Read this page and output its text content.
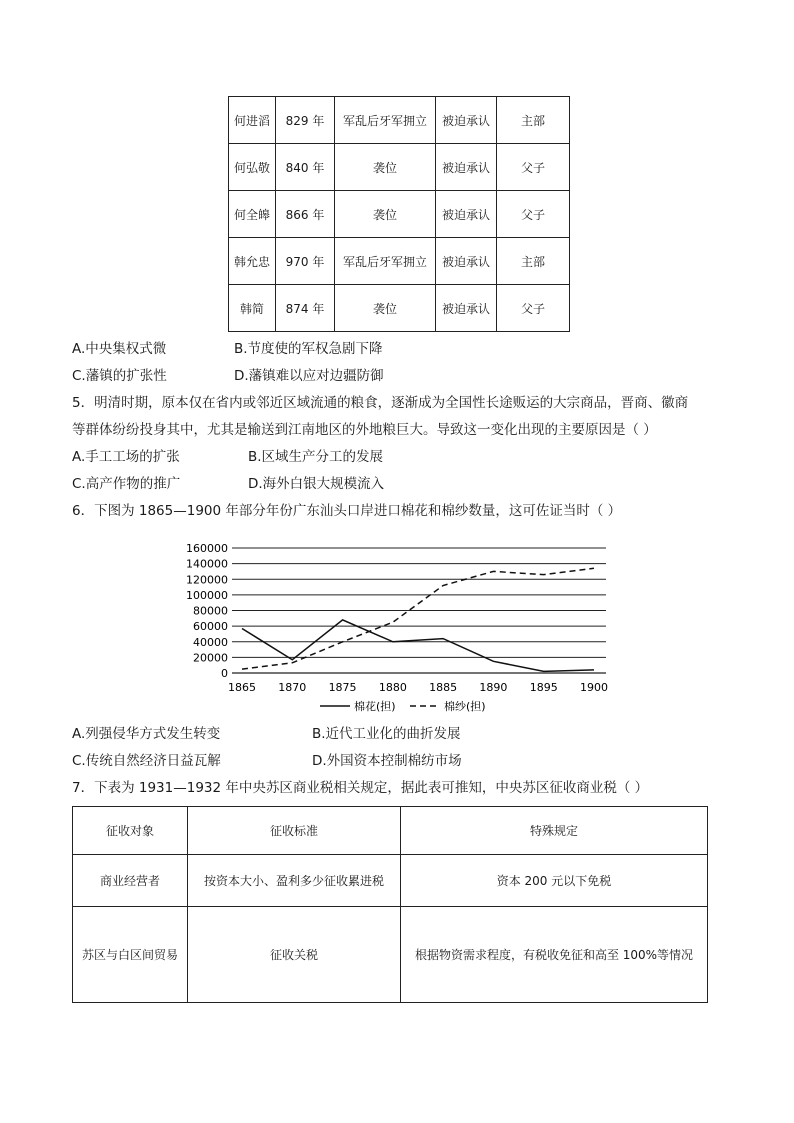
何进滔	829 年	军乱后牙军拥立	被迫承认	主部
何弘敬	840 年	袭位	被迫承认	父子
何全皞	866 年	袭位	被迫承认	父子
韩允忠	970 年	军乱后牙军拥立	被迫承认	主部
韩简	874 年	袭位	被迫承认	父子
A.中央集权式微	B.节度使的军权急剧下降
C.藩镇的扩张性	D.藩镇难以应对边疆防御
5．明清时期，原本仅在省内或邻近区域流通的粮食，逐渐成为全国性长途贩运的大宗商品，晋商、徽商
等群体纷纷投身其中，尤其是输送到江南地区的外地粮巨大。导致这一变化出现的主要原因是（ ）
A.手工工场的扩张	B.区域生产分工的发展
C.高产作物的推广	D.海外白银大规模流入
6．下图为 1865—1900 年部分年份广东汕头口岸进口棉花和棉纱数量，这可佐证当时（ ）
0
20000
40000
60000
80000
100000
120000
140000
160000
1865 1870 1875 1880 1885 1890 1895 1900
棉花(担)	棉纱(担)
A.列强侵华方式发生转变	B.近代工业化的曲折发展
C.传统自然经济日益瓦解	D.外国资本控制棉纺市场
7．下表为 1931—1932 年中央苏区商业税相关规定，据此表可推知，中央苏区征收商业税（ ）
征收对象	征收标准	特殊规定
商业经营者	按资本大小、盈利多少征收累进税	资本 200 元以下免税
苏区与白区间贸易	征收关税	根据物资需求程度，有税收免征和高至 100%等情况
